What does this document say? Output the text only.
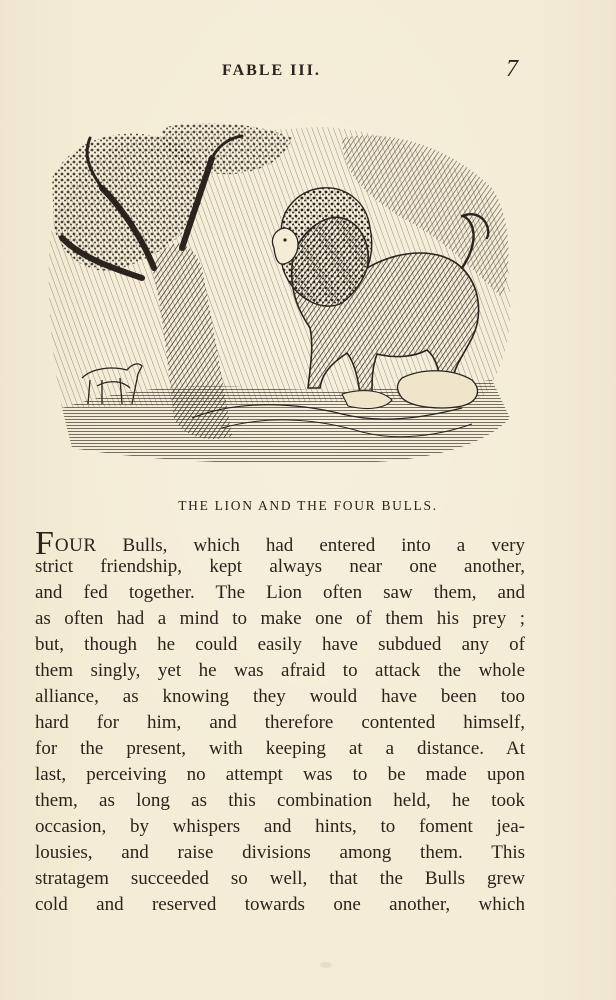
FABLE III.	7
THE LION AND THE FOUR BULLS.
FOUR Bulls, which had entered into a very
strict friendship, kept always near one another,
and fed together. The Lion often saw them, and
as often had a mind to make one of them his prey ;
but, though he could easily have subdued any of
them singly, yet he was afraid to attack the whole
alliance, as knowing they would have been too
hard for him, and therefore contented himself,
for the present, with keeping at a distance. At
last, perceiving no attempt was to be made upon
them, as long as this combination held, he took
occasion, by whispers and hints, to foment jea-
lousies, and raise divisions among them. This
stratagem succeeded so well, that the Bulls grew
cold and reserved towards one another, which
